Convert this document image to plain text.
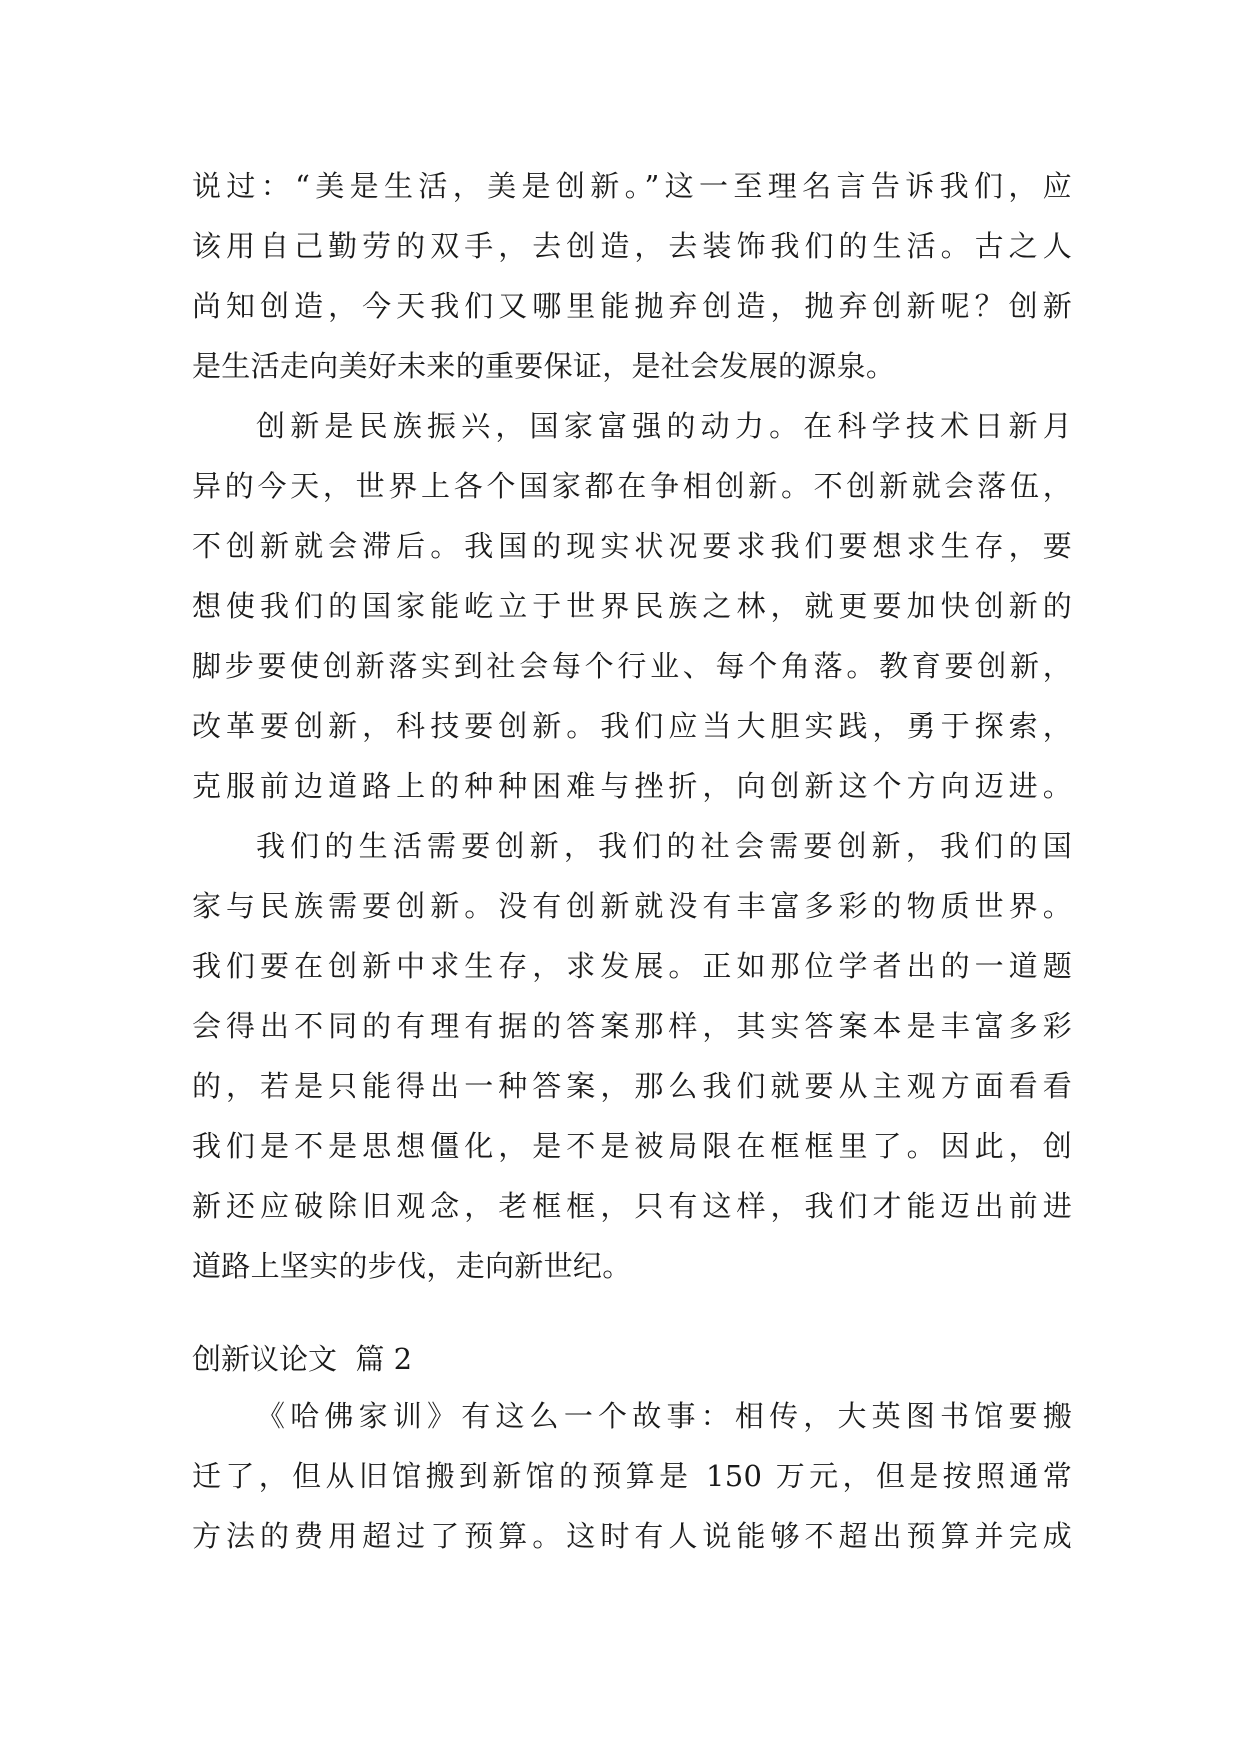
说过：“美是生活，美是创新。”这一至理名言告诉我们，应
该用自己勤劳的双手，去创造，去装饰我们的生活。古之人
尚知创造，今天我们又哪里能抛弃创造，抛弃创新呢？创新
是生活走向美好未来的重要保证，是社会发展的源泉。
创新是民族振兴，国家富强的动力。在科学技术日新月
异的今天，世界上各个国家都在争相创新。不创新就会落伍，
不创新就会滞后。我国的现实状况要求我们要想求生存，要
想使我们的国家能屹立于世界民族之林，就更要加快创新的
脚步要使创新落实到社会每个行业、每个角落。教育要创新，
改革要创新，科技要创新。我们应当大胆实践，勇于探索，
克服前边道路上的种种困难与挫折，向创新这个方向迈进。
我们的生活需要创新，我们的社会需要创新，我们的国
家与民族需要创新。没有创新就没有丰富多彩的物质世界。
我们要在创新中求生存，求发展。正如那位学者出的一道题
会得出不同的有理有据的答案那样，其实答案本是丰富多彩
的，若是只能得出一种答案，那么我们就要从主观方面看看
我们是不是思想僵化，是不是被局限在框框里了。因此，创
新还应破除旧观念，老框框，只有这样，我们才能迈出前进
道路上坚实的步伐，走向新世纪。
创新议论文  篇 2
《哈佛家训》有这么一个故事：相传，大英图书馆要搬
迁了，但从旧馆搬到新馆的预算是 150 万元，但是按照通常
方法的费用超过了预算。这时有人说能够不超出预算并完成
